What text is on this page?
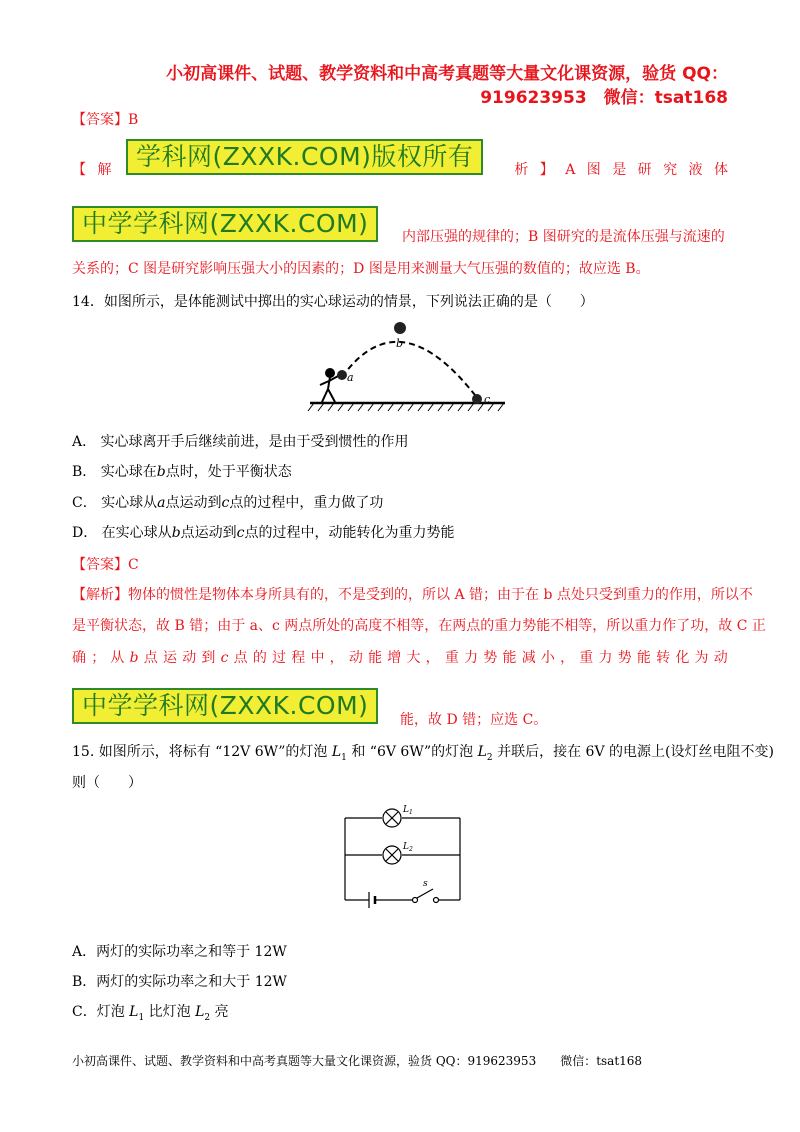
小初高课件、试题、教学资料和中高考真题等大量文化课资源，验货 QQ：
919623953　微信：tsat168
【答案】B
【 解	析 】 A 图 是 研 究 液 体
学科网(ZXXK.COM)版权所有
中学学科网(ZXXK.COM)	内部压强的规律的；B 图研究的是流体压强与流速的
关系的；C 图是研究影响压强大小的因素的；D 图是用来测量大气压强的数值的；故应选 B。
14．如图所示，是体能测试中掷出的实心球运动的情景，下列说法正确的是（　　）
a
b
c
A． 实心球离开手后继续前进，是由于受到惯性的作用
B． 实心球在b点时，处于平衡状态
C． 实心球从a点运动到c点的过程中，重力做了功
D． 在实心球从b点运动到c点的过程中，动能转化为重力势能
【答案】C
【解析】物体的惯性是物体本身所具有的，不是受到的，所以 A 错；由于在 b 点处只受到重力的作用，所以不
是平衡状态，故 B 错；由于 a、c 两点所处的高度不相等，在两点的重力势能不相等，所以重力作了功，故 C 正
确 ； 从 b 点 运 动 到 c 点 的 过 程 中 ， 动 能 增 大 ， 重 力 势 能 减 小 ， 重 力 势 能 转 化 为 动
中学学科网(ZXXK.COM)	能，故 D 错；应选 C。
15. 如图所示，将标有 “12V 6W”的灯泡 $L_1$ 和 “6V 6W”的灯泡 $L_2$ 并联后，接在 6V 的电源上(设灯丝电阻不变)
则（　　）
$L_1$
$L_2$
s
A．两灯的实际功率之和等于 12W
B．两灯的实际功率之和大于 12W
C．灯泡 $L_1$ 比灯泡 $L_2$ 亮
小初高课件、试题、教学资料和中高考真题等大量文化课资源，验货 QQ：919623953　　微信：tsat168
